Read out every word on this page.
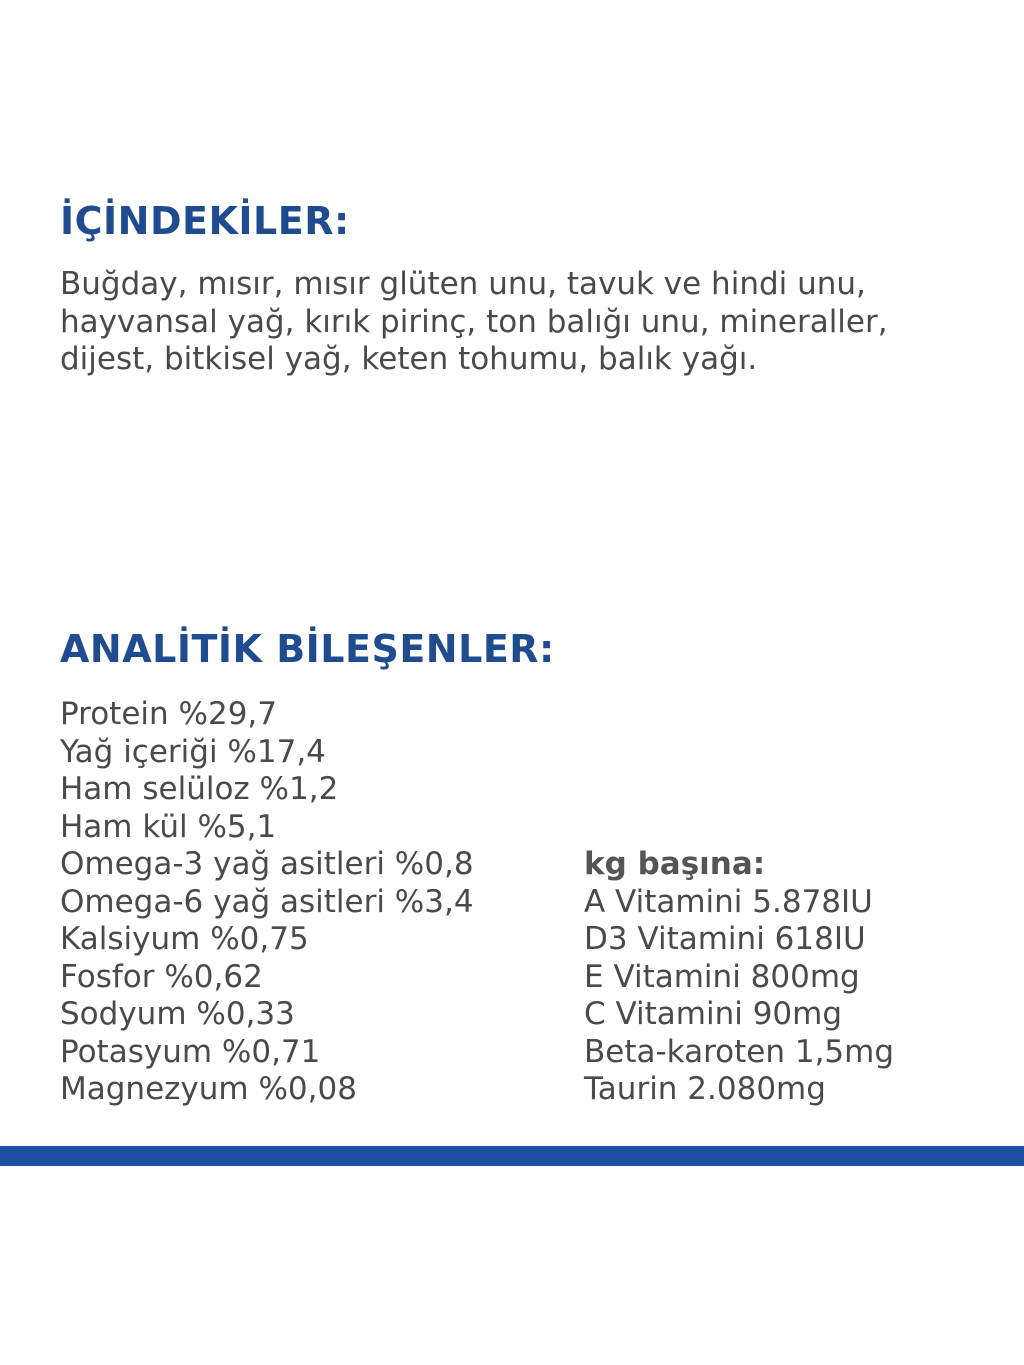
İÇİNDEKİLER:

Buğday, mısır, mısır glüten unu, tavuk ve hindi unu, hayvansal yağ, kırık pirinç, ton balığı unu, mineraller, dijest, bitkisel yağ, keten tohumu, balık yağı.

ANALİTİK BİLEŞENLER:
Protein %29,7
Yağ içeriği %17,4
Ham selüloz %1,2
Ham kül %5,1
Omega-3 yağ asitleri %0,8
Omega-6 yağ asitleri %3,4
Kalsiyum %0,75
Fosfor %0,62
Sodyum %0,33
Potasyum %0,71
Magnezyum %0,08
kg başına:
A Vitamini 5.878IU
D3 Vitamini 618IU
E Vitamini 800mg
C Vitamini 90mg
Beta-karoten 1,5mg
Taurin 2.080mg
